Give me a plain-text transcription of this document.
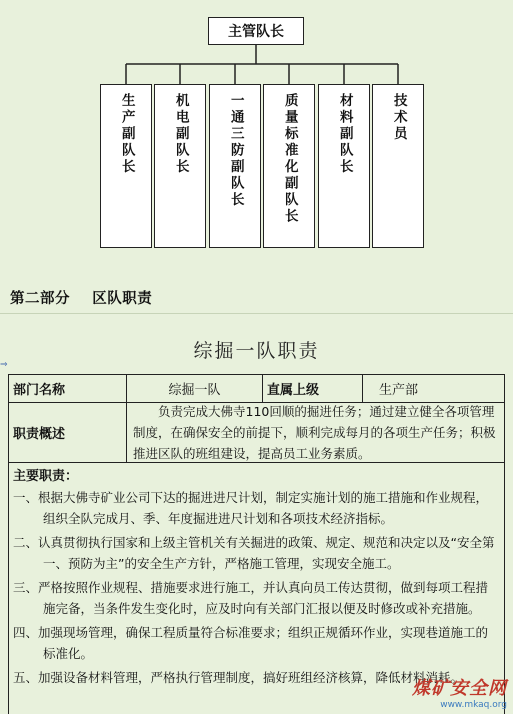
主管队长
生产副队长	机电副队长	一通三防副队长	质量标准化副队长	材料副队长	技术员
第二部分    区队职责
综掘一队职责
⇒
部门名称	综掘一队	直属上级	生产部
职责概述
负责完成大佛寺110回顺的掘进任务；通过建立健全各项管理制度，在确保安全的前提下，顺利完成每月的各项生产任务；积极推进区队的班组建设，提高员工业务素质。
主要职责：

一、根据大佛寺矿业公司下达的掘进进尺计划，制定实施计划的施工措施和作业规程，组织全队完成月、季、年度掘进进尺计划和各项技术经济指标。

二、认真贯彻执行国家和上级主管机关有关掘进的政策、规定、规范和决定以及“安全第一、预防为主”的安全生产方针，严格施工管理，实现安全施工。

三、严格按照作业规程、措施要求进行施工，并认真向员工传达贯彻，做到每项工程措施完备，当条件发生变化时，应及时向有关部门汇报以便及时修改或补充措施。

四、加强现场管理，确保工程质量符合标准要求；组织正规循环作业，实现巷道施工的标准化。

五、加强设备材料管理，严格执行管理制度，搞好班组经济核算，降低材料消耗。

煤矿安全网
www.mkaq.org
